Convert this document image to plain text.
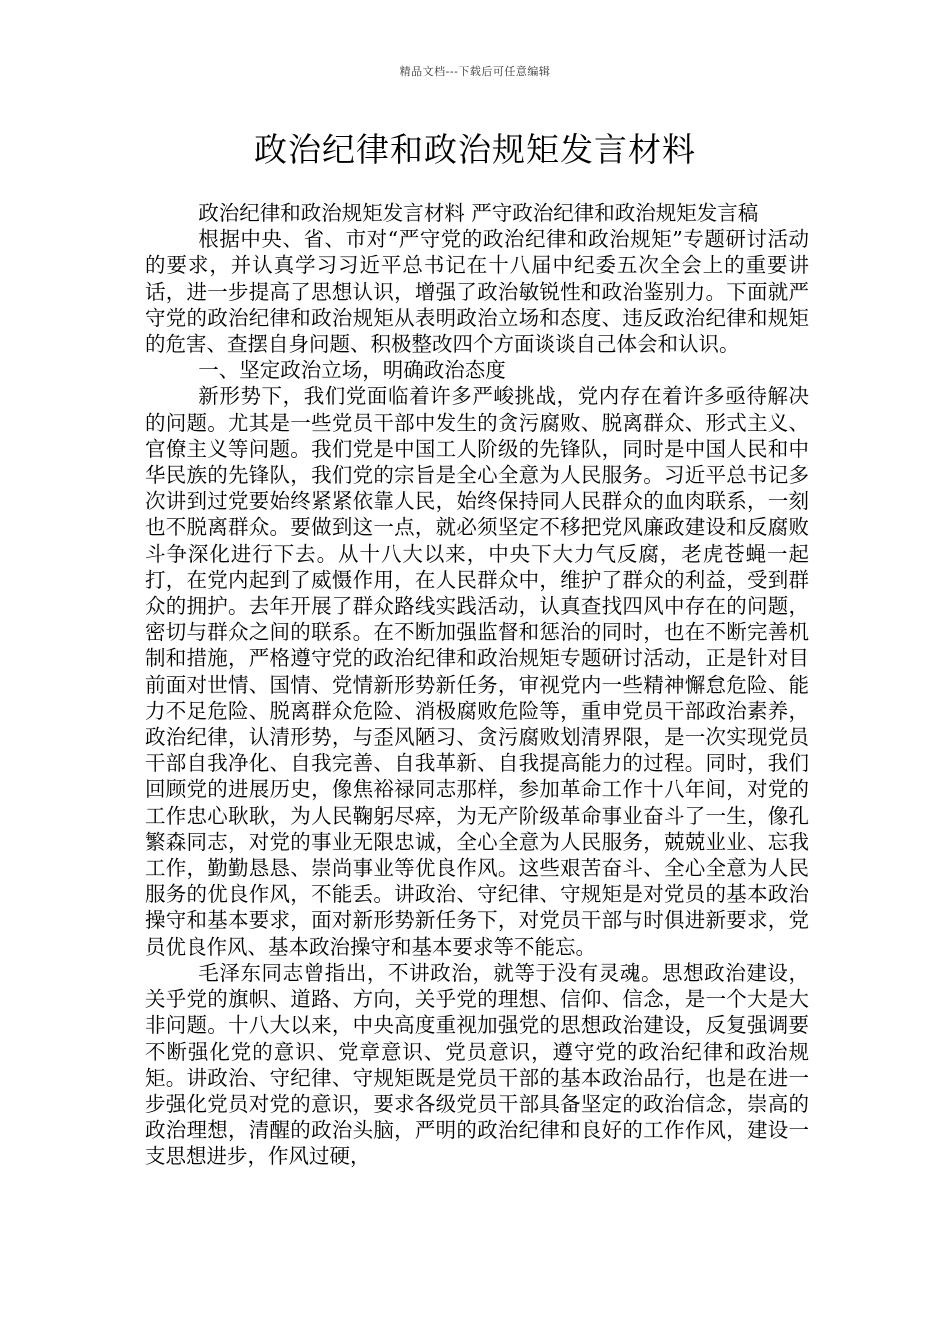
精品文档---下载后可任意编辑
政治纪律和政治规矩发言材料

政治纪律和政治规矩发言材料 严守政治纪律和政治规矩发言稿

根据中央、省、市对“严守党的政治纪律和政治规矩”专题研讨活动的要求，并认真学习习近平总书记在十八届中纪委五次全会上的重要讲话，进一步提高了思想认识，增强了政治敏锐性和政治鉴别力。下面就严守党的政治纪律和政治规矩从表明政治立场和态度、违反政治纪律和规矩的危害、查摆自身问题、积极整改四个方面谈谈自己体会和认识。

一、坚定政治立场，明确政治态度

新形势下，我们党面临着许多严峻挑战，党内存在着许多亟待解决的问题。尤其是一些党员干部中发生的贪污腐败、脱离群众、形式主义、官僚主义等问题。我们党是中国工人阶级的先锋队，同时是中国人民和中华民族的先锋队，我们党的宗旨是全心全意为人民服务。习近平总书记多次讲到过党要始终紧紧依靠人民，始终保持同人民群众的血肉联系，一刻也不脱离群众。要做到这一点，就必须坚定不移把党风廉政建设和反腐败斗争深化进行下去。从十八大以来，中央下大力气反腐，老虎苍蝇一起打，在党内起到了威慑作用，在人民群众中，维护了群众的利益，受到群众的拥护。去年开展了群众路线实践活动，认真查找四风中存在的问题，密切与群众之间的联系。在不断加强监督和惩治的同时，也在不断完善机制和措施，严格遵守党的政治纪律和政治规矩专题研讨活动，正是针对目前面对世情、国情、党情新形势新任务，审视党内一些精神懈怠危险、能力不足危险、脱离群众危险、消极腐败危险等，重申党员干部政治素养，政治纪律，认清形势，与歪风陋习、贪污腐败划清界限，是一次实现党员干部自我净化、自我完善、自我革新、自我提高能力的过程。同时，我们回顾党的进展历史，像焦裕禄同志那样，参加革命工作十八年间，对党的工作忠心耿耿，为人民鞠躬尽瘁，为无产阶级革命事业奋斗了一生，像孔繁森同志，对党的事业无限忠诚，全心全意为人民服务，兢兢业业、忘我工作，勤勤恳恳、崇尚事业等优良作风。这些艰苦奋斗、全心全意为人民服务的优良作风，不能丢。讲政治、守纪律、守规矩是对党员的基本政治操守和基本要求，面对新形势新任务下，对党员干部与时俱进新要求，党员优良作风、基本政治操守和基本要求等不能忘。

毛泽东同志曾指出，不讲政治，就等于没有灵魂。思想政治建设，关乎党的旗帜、道路、方向，关乎党的理想、信仰、信念，是一个大是大非问题。十八大以来，中央高度重视加强党的思想政治建设，反复强调要不断强化党的意识、党章意识、党员意识，遵守党的政治纪律和政治规矩。讲政治、守纪律、守规矩既是党员干部的基本政治品行，也是在进一步强化党员对党的意识，要求各级党员干部具备坚定的政治信念，崇高的政治理想，清醒的政治头脑，严明的政治纪律和良好的工作作风，建设一支思想进步，作风过硬，
